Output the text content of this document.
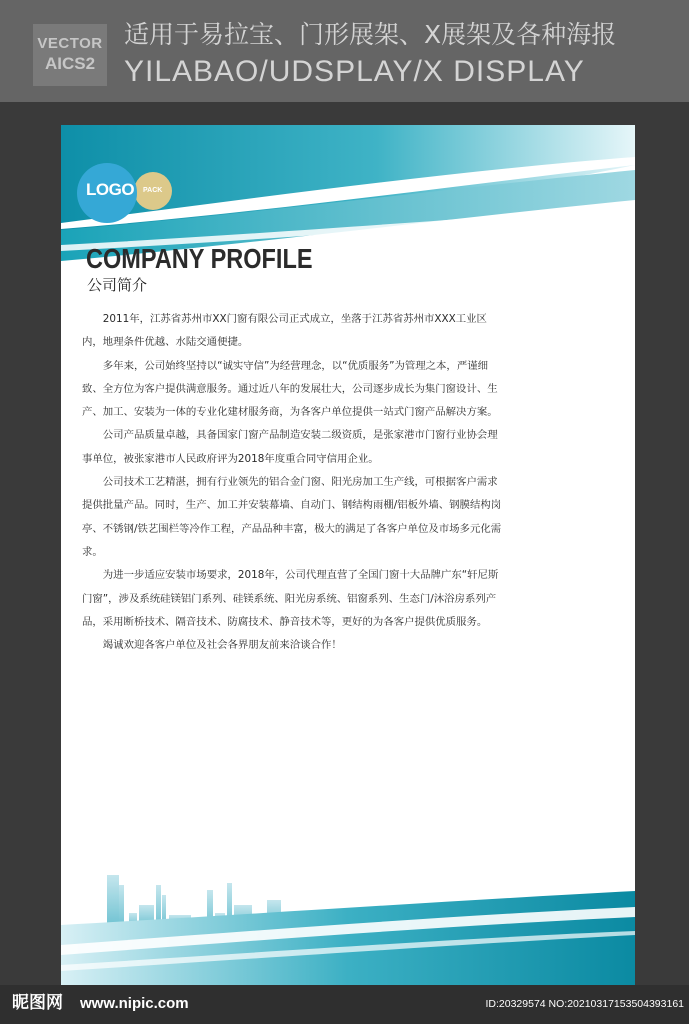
VECTOR
AICS2
适用于易拉宝、门形展架、X展架及各种海报
YILABAO/UDSPLAY/X DISPLAY
LOGO	PACK
COMPANY PROFILE
公司简介

2011年，江苏省苏州市XX门窗有限公司正式成立，坐落于江苏省苏州市XXX工业区内，地理条件优越、水陆交通便捷。

多年来，公司始终坚持以“诚实守信”为经营理念，以“优质服务”为管理之本，严谨细致、全方位为客户提供满意服务。通过近八年的发展壮大，公司逐步成长为集门窗设计、生产、加工、安装为一体的专业化建材服务商，为各客户单位提供一站式门窗产品解决方案。

公司产品质量卓越，具备国家门窗产品制造安装二级资质，是张家港市门窗行业协会理事单位，被张家港市人民政府评为2018年度重合同守信用企业。

公司技术工艺精湛，拥有行业领先的铝合金门窗、阳光房加工生产线，可根据客户需求提供批量产品。同时，生产、加工并安装幕墙、自动门、钢结构雨棚/铝板外墙、钢膜结构岗亭、不锈钢/铁艺围栏等冷作工程，产品品种丰富，极大的满足了各客户单位及市场多元化需求。

为进一步适应安装市场要求，2018年，公司代理直营了全国门窗十大品牌广东“轩尼斯门窗”，涉及系统硅镁铝门系列、硅镁系统、阳光房系统、铝窗系列、生态门/沐浴房系列产品，采用断桥技术、隔音技术、防腐技术、静音技术等，更好的为各客户提供优质服务。

竭诚欢迎各客户单位及社会各界朋友前来洽谈合作！

昵图网 www.nipic.com	ID:20329574 NO:20210317153504393161
